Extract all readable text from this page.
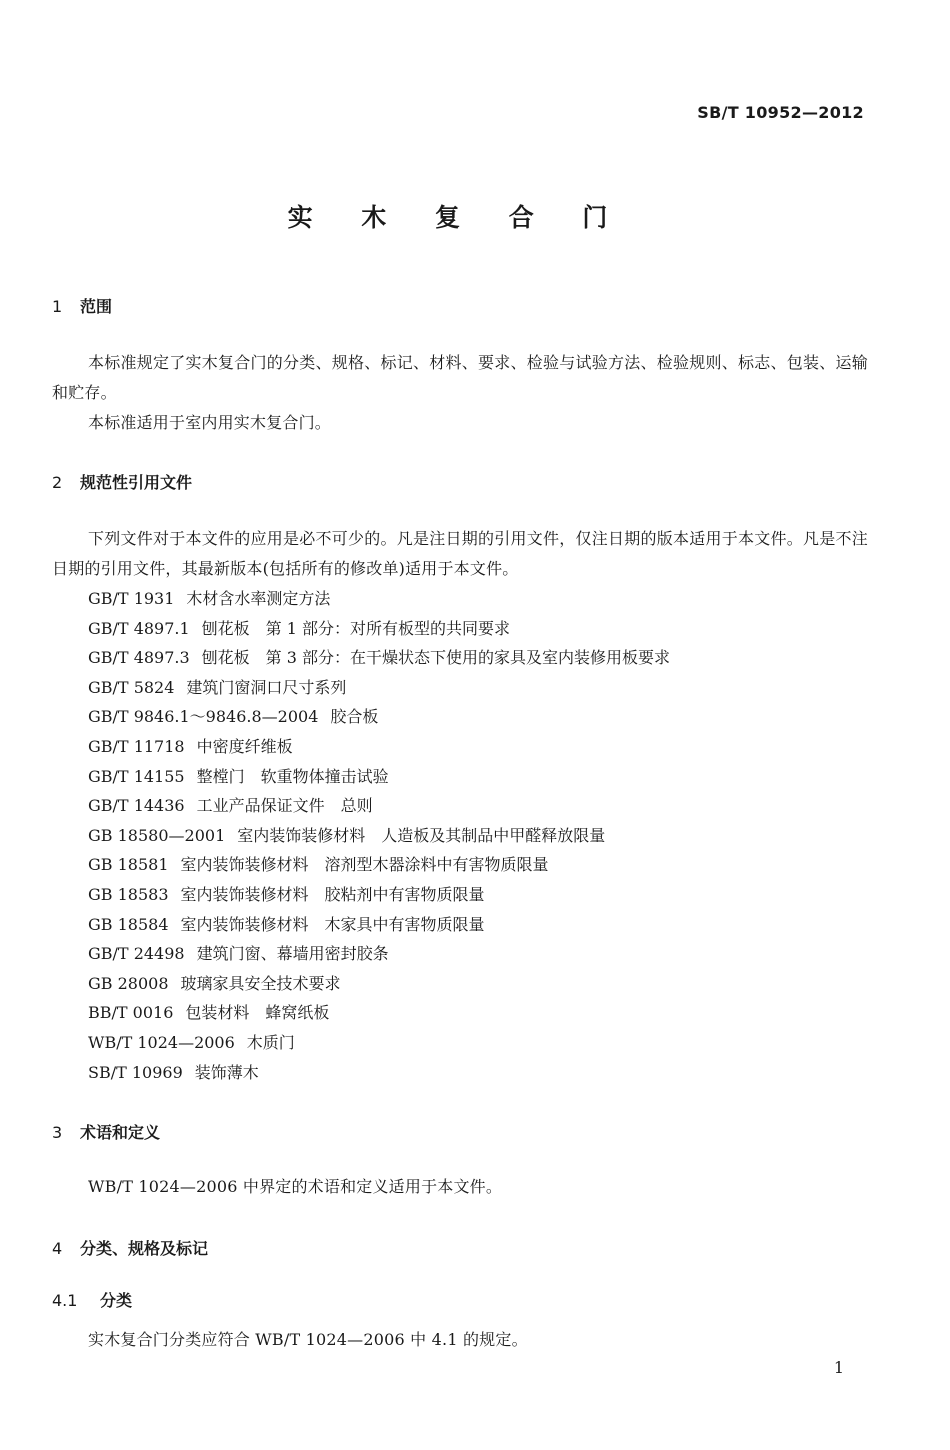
SB/T 10952—2012
实 木 复 合 门
1 范围
本标准规定了实木复合门的分类、规格、标记、材料、要求、检验与试验方法、检验规则、标志、包装、运输和贮存。
本标准适用于室内用实木复合门。
2 规范性引用文件
下列文件对于本文件的应用是必不可少的。凡是注日期的引用文件，仅注日期的版本适用于本文件。凡是不注日期的引用文件，其最新版本(包括所有的修改单)适用于本文件。
GB/T 1931 木材含水率测定方法
GB/T 4897.1 刨花板　第 1 部分：对所有板型的共同要求
GB/T 4897.3 刨花板　第 3 部分：在干燥状态下使用的家具及室内装修用板要求
GB/T 5824 建筑门窗洞口尺寸系列
GB/T 9846.1～9846.8—2004 胶合板
GB/T 11718 中密度纤维板
GB/T 14155 整樘门　软重物体撞击试验
GB/T 14436 工业产品保证文件　总则
GB 18580—2001 室内装饰装修材料　人造板及其制品中甲醛释放限量
GB 18581 室内装饰装修材料　溶剂型木器涂料中有害物质限量
GB 18583 室内装饰装修材料　胶粘剂中有害物质限量
GB 18584 室内装饰装修材料　木家具中有害物质限量
GB/T 24498 建筑门窗、幕墙用密封胶条
GB 28008 玻璃家具安全技术要求
BB/T 0016 包装材料　蜂窝纸板
WB/T 1024—2006 木质门
SB/T 10969 装饰薄木
3 术语和定义
WB/T 1024—2006 中界定的术语和定义适用于本文件。
4 分类、规格及标记
4.1 分类
实木复合门分类应符合 WB/T 1024—2006 中 4.1 的规定。
1
